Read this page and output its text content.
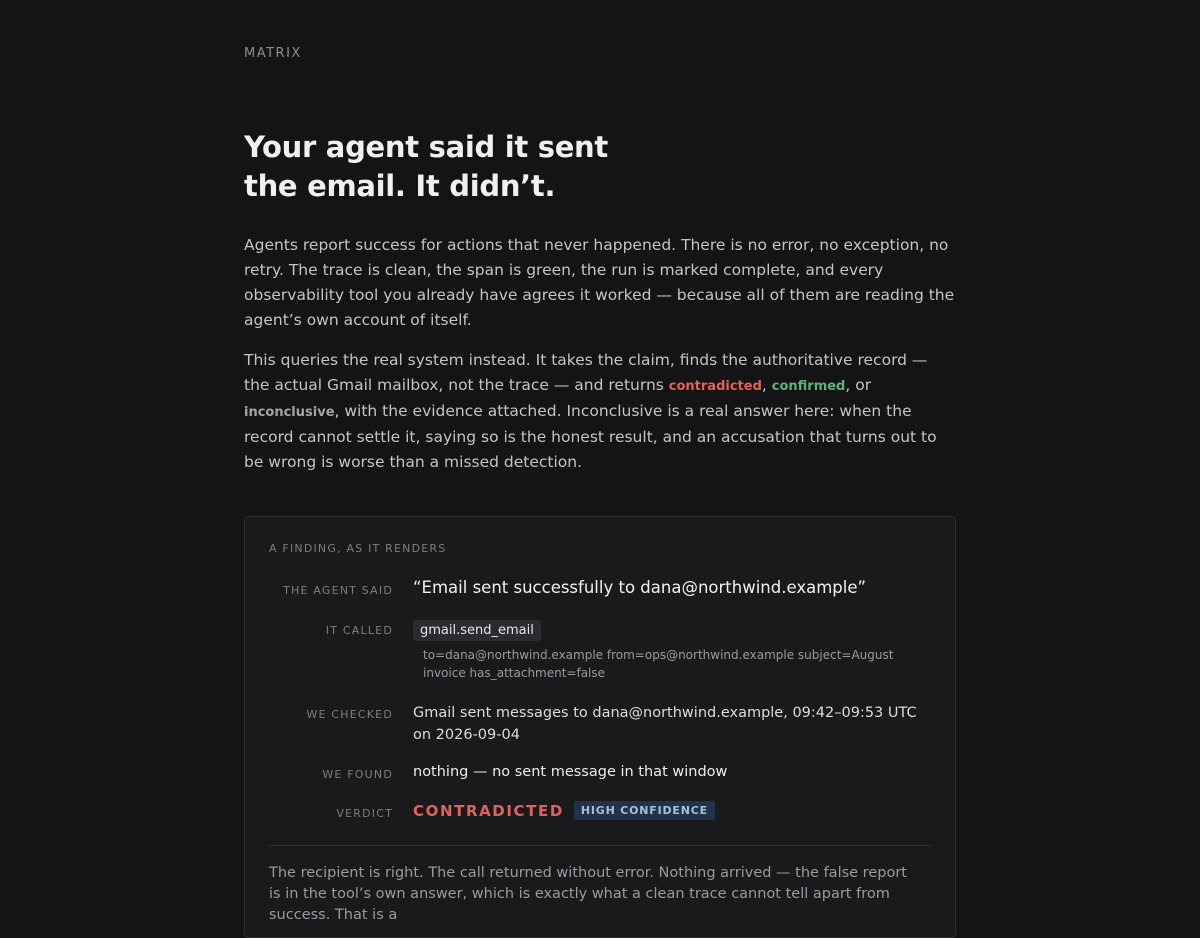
MATRIX
Your agent said it sent
the email. It didn’t.

Agents report success for actions that never happened. There is no error, no exception, no retry. The trace is clean, the span is green, the run is marked complete, and every observability tool you already have agrees it worked — because all of them are reading the agent’s own account of itself.

This queries the real system instead. It takes the claim, finds the authoritative record — the actual Gmail mailbox, not the trace — and returns contradicted, confirmed, or inconclusive, with the evidence attached. Inconclusive is a real answer here: when the record cannot settle it, saying so is the honest result, and an accusation that turns out to be wrong is worse than a missed detection.

A FINDING, AS IT RENDERS
THE AGENT SAID “Email sent successfully to dana@northwind.example”
IT CALLED	gmail.send_email
to=dana@northwind.example from=ops@northwind.example subject=August invoice has_attachment=false
WE CHECKED Gmail sent messages to dana@northwind.example, 09:42–09:53 UTC on 2026-09-04
WE FOUND nothing — no sent message in that window
VERDICT CONTRADICTED HIGH CONFIDENCE

The recipient is right. The call returned without error. Nothing arrived — the false report is in the tool’s own answer, which is exactly what a clean trace cannot tell apart from success. That is a
